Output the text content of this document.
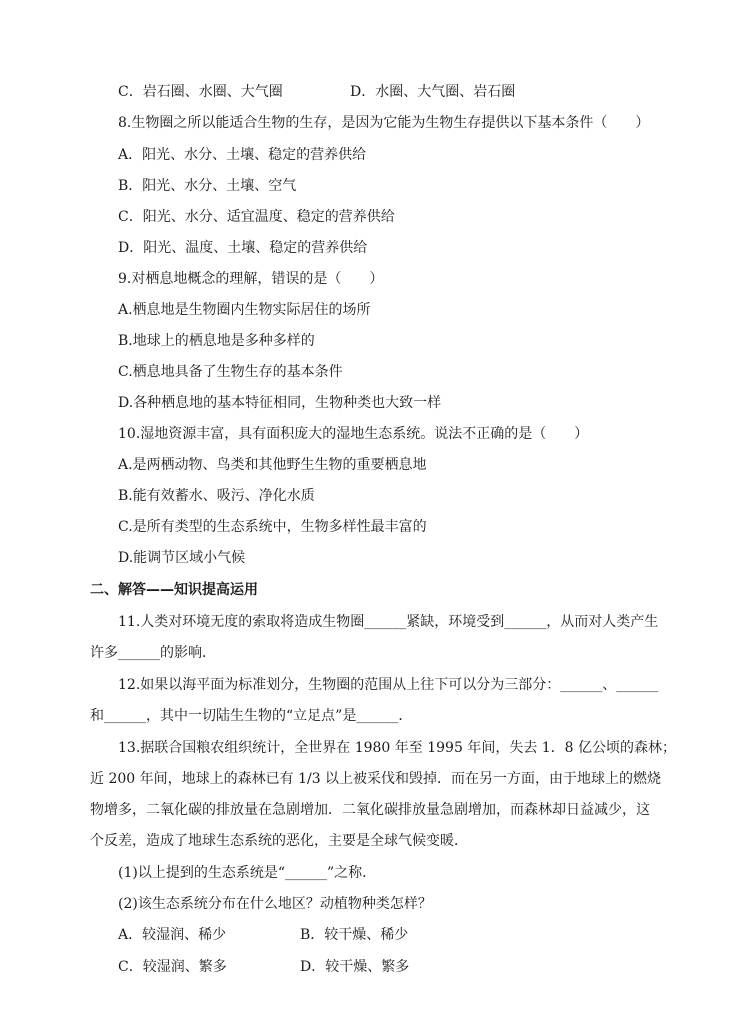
C．岩石圈、水圈、大气圈	D．水圈、大气圈、岩石圈
8.生物圈之所以能适合生物的生存，是因为它能为生物生存提供以下基本条件（　　）
A．阳光、水分、土壤、稳定的营养供给
B．阳光、水分、土壤、空气
C．阳光、水分、适宜温度、稳定的营养供给
D．阳光、温度、土壤、稳定的营养供给
9.对栖息地概念的理解，错误的是（　　）
A.栖息地是生物圈内生物实际居住的场所
B.地球上的栖息地是多种多样的
C.栖息地具备了生物生存的基本条件
D.各种栖息地的基本特征相同，生物种类也大致一样
10.湿地资源丰富，具有面积庞大的湿地生态系统。说法不正确的是（　　）
A.是两栖动物、鸟类和其他野生生物的重要栖息地
B.能有效蓄水、吸污、净化水质
C.是所有类型的生态系统中，生物多样性最丰富的
D.能调节区域小气候
二、解答——知识提高运用
11.人类对环境无度的索取将造成生物圈______紧缺，环境受到______，从而对人类产生
许多______的影响．
12.如果以海平面为标准划分，生物圈的范围从上往下可以分为三部分：______、______
和______，其中一切陆生生物的“立足点”是______．
13.据联合国粮农组织统计，全世界在 1980 年至 1995 年间，失去 1．8 亿公顷的森林；
近 200 年间，地球上的森林已有 1/3 以上被采伐和毁掉．而在另一方面，由于地球上的燃烧
物增多，二氧化碳的排放量在急剧增加．二氧化碳排放量急剧增加，而森林却日益减少，这
个反差，造成了地球生态系统的恶化，主要是全球气候变暖．
(1)以上提到的生态系统是“______”之称．
(2)该生态系统分布在什么地区？动植物种类怎样？
A．较湿润、稀少	B．较干燥、稀少
C．较湿润、繁多	D．较干燥、繁多
